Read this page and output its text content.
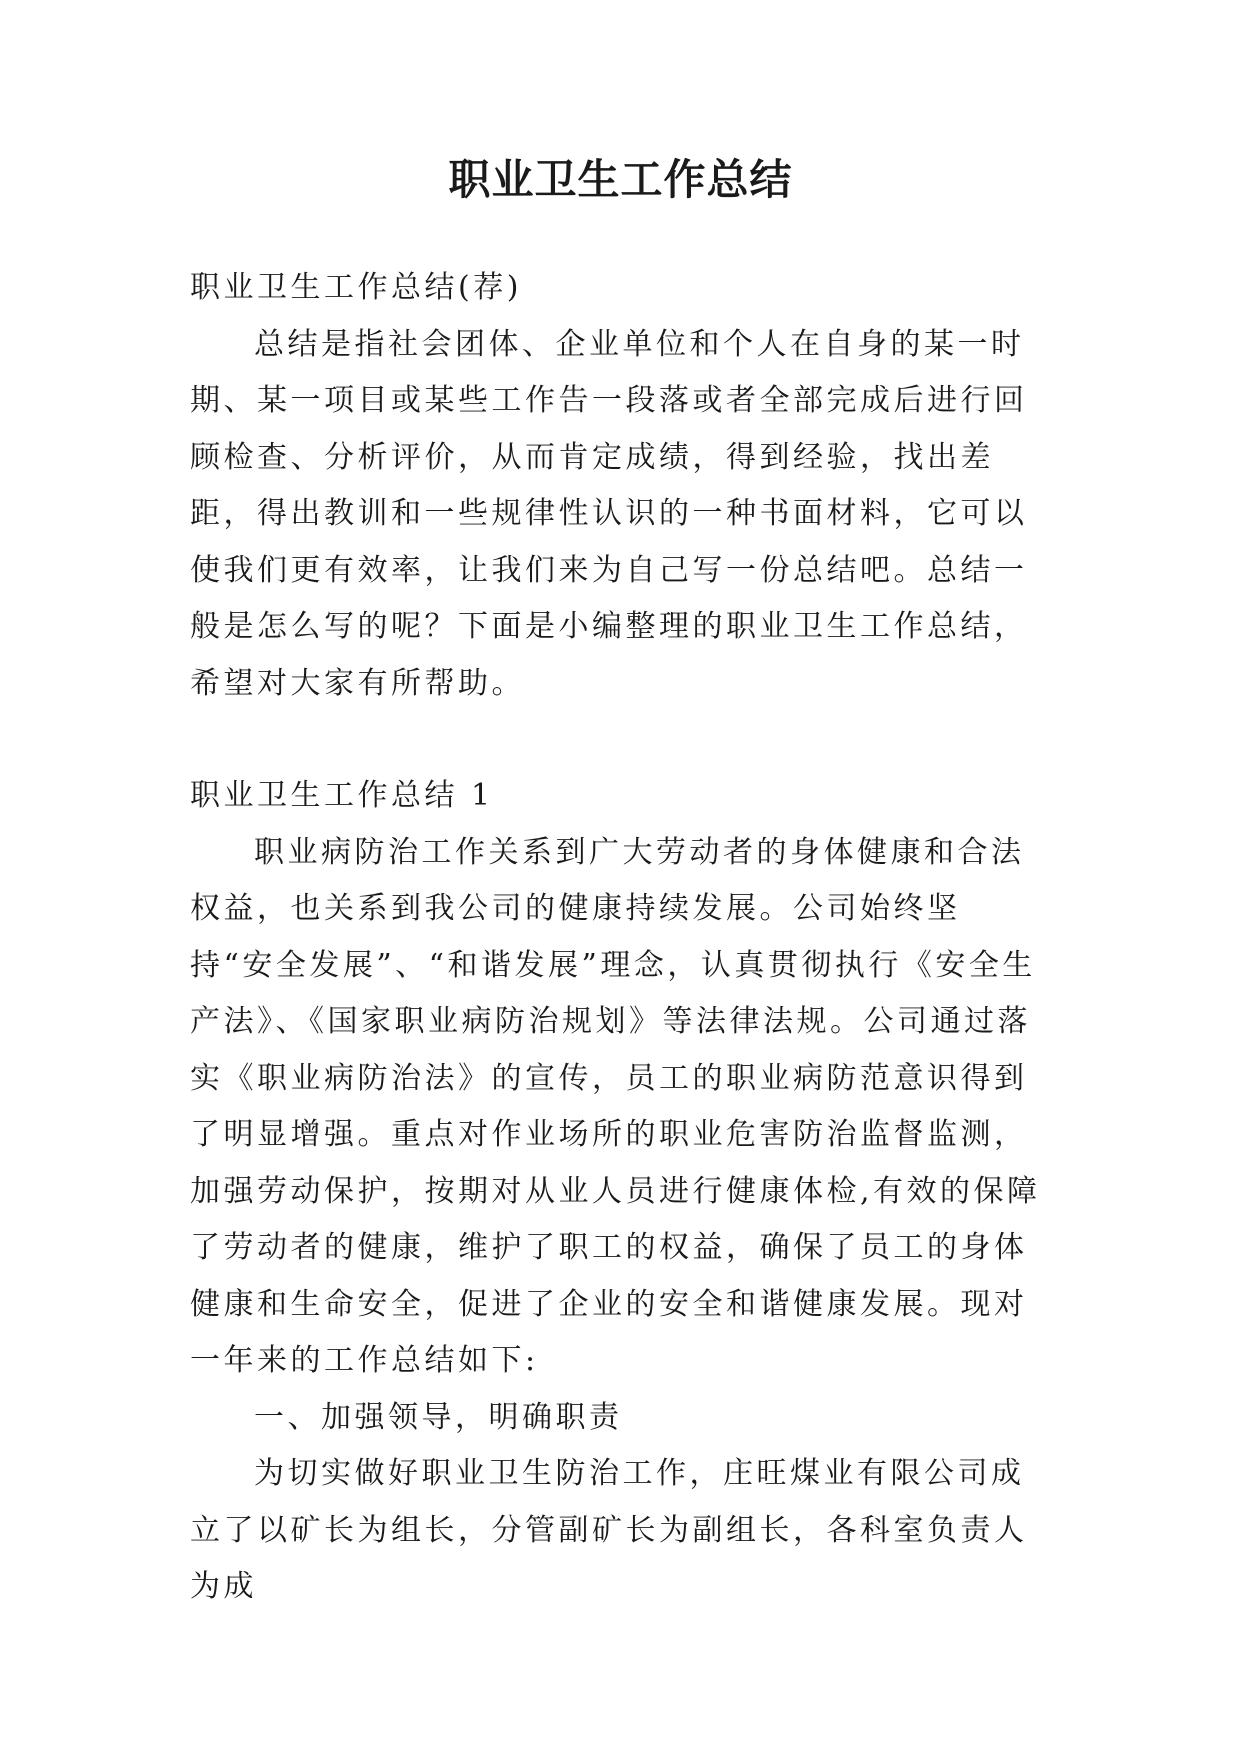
职业卫生工作总结

职业卫生工作总结(荐)

总结是指社会团体、企业单位和个人在自身的某一时期、某一项目或某些工作告一段落或者全部完成后进行回顾检查、分析评价，从而肯定成绩，得到经验，找出差距，得出教训和一些规律性认识的一种书面材料，它可以使我们更有效率，让我们来为自己写一份总结吧。总结一般是怎么写的呢？下面是小编整理的职业卫生工作总结，希望对大家有所帮助。

职业卫生工作总结 1

职业病防治工作关系到广大劳动者的身体健康和合法权益，也关系到我公司的健康持续发展。公司始终坚持“安全发展”、“和谐发展”理念，认真贯彻执行《安全生产法》、《国家职业病防治规划》等法律法规。公司通过落实《职业病防治法》的宣传，员工的职业病防范意识得到了明显增强。重点对作业场所的职业危害防治监督监测，加强劳动保护，按期对从业人员进行健康体检,有效的保障了劳动者的健康，维护了职工的权益，确保了员工的身体健康和生命安全，促进了企业的安全和谐健康发展。现对一年来的工作总结如下:

一、加强领导，明确职责

为切实做好职业卫生防治工作，庄旺煤业有限公司成立了以矿长为组长，分管副矿长为副组长，各科室负责人为成
